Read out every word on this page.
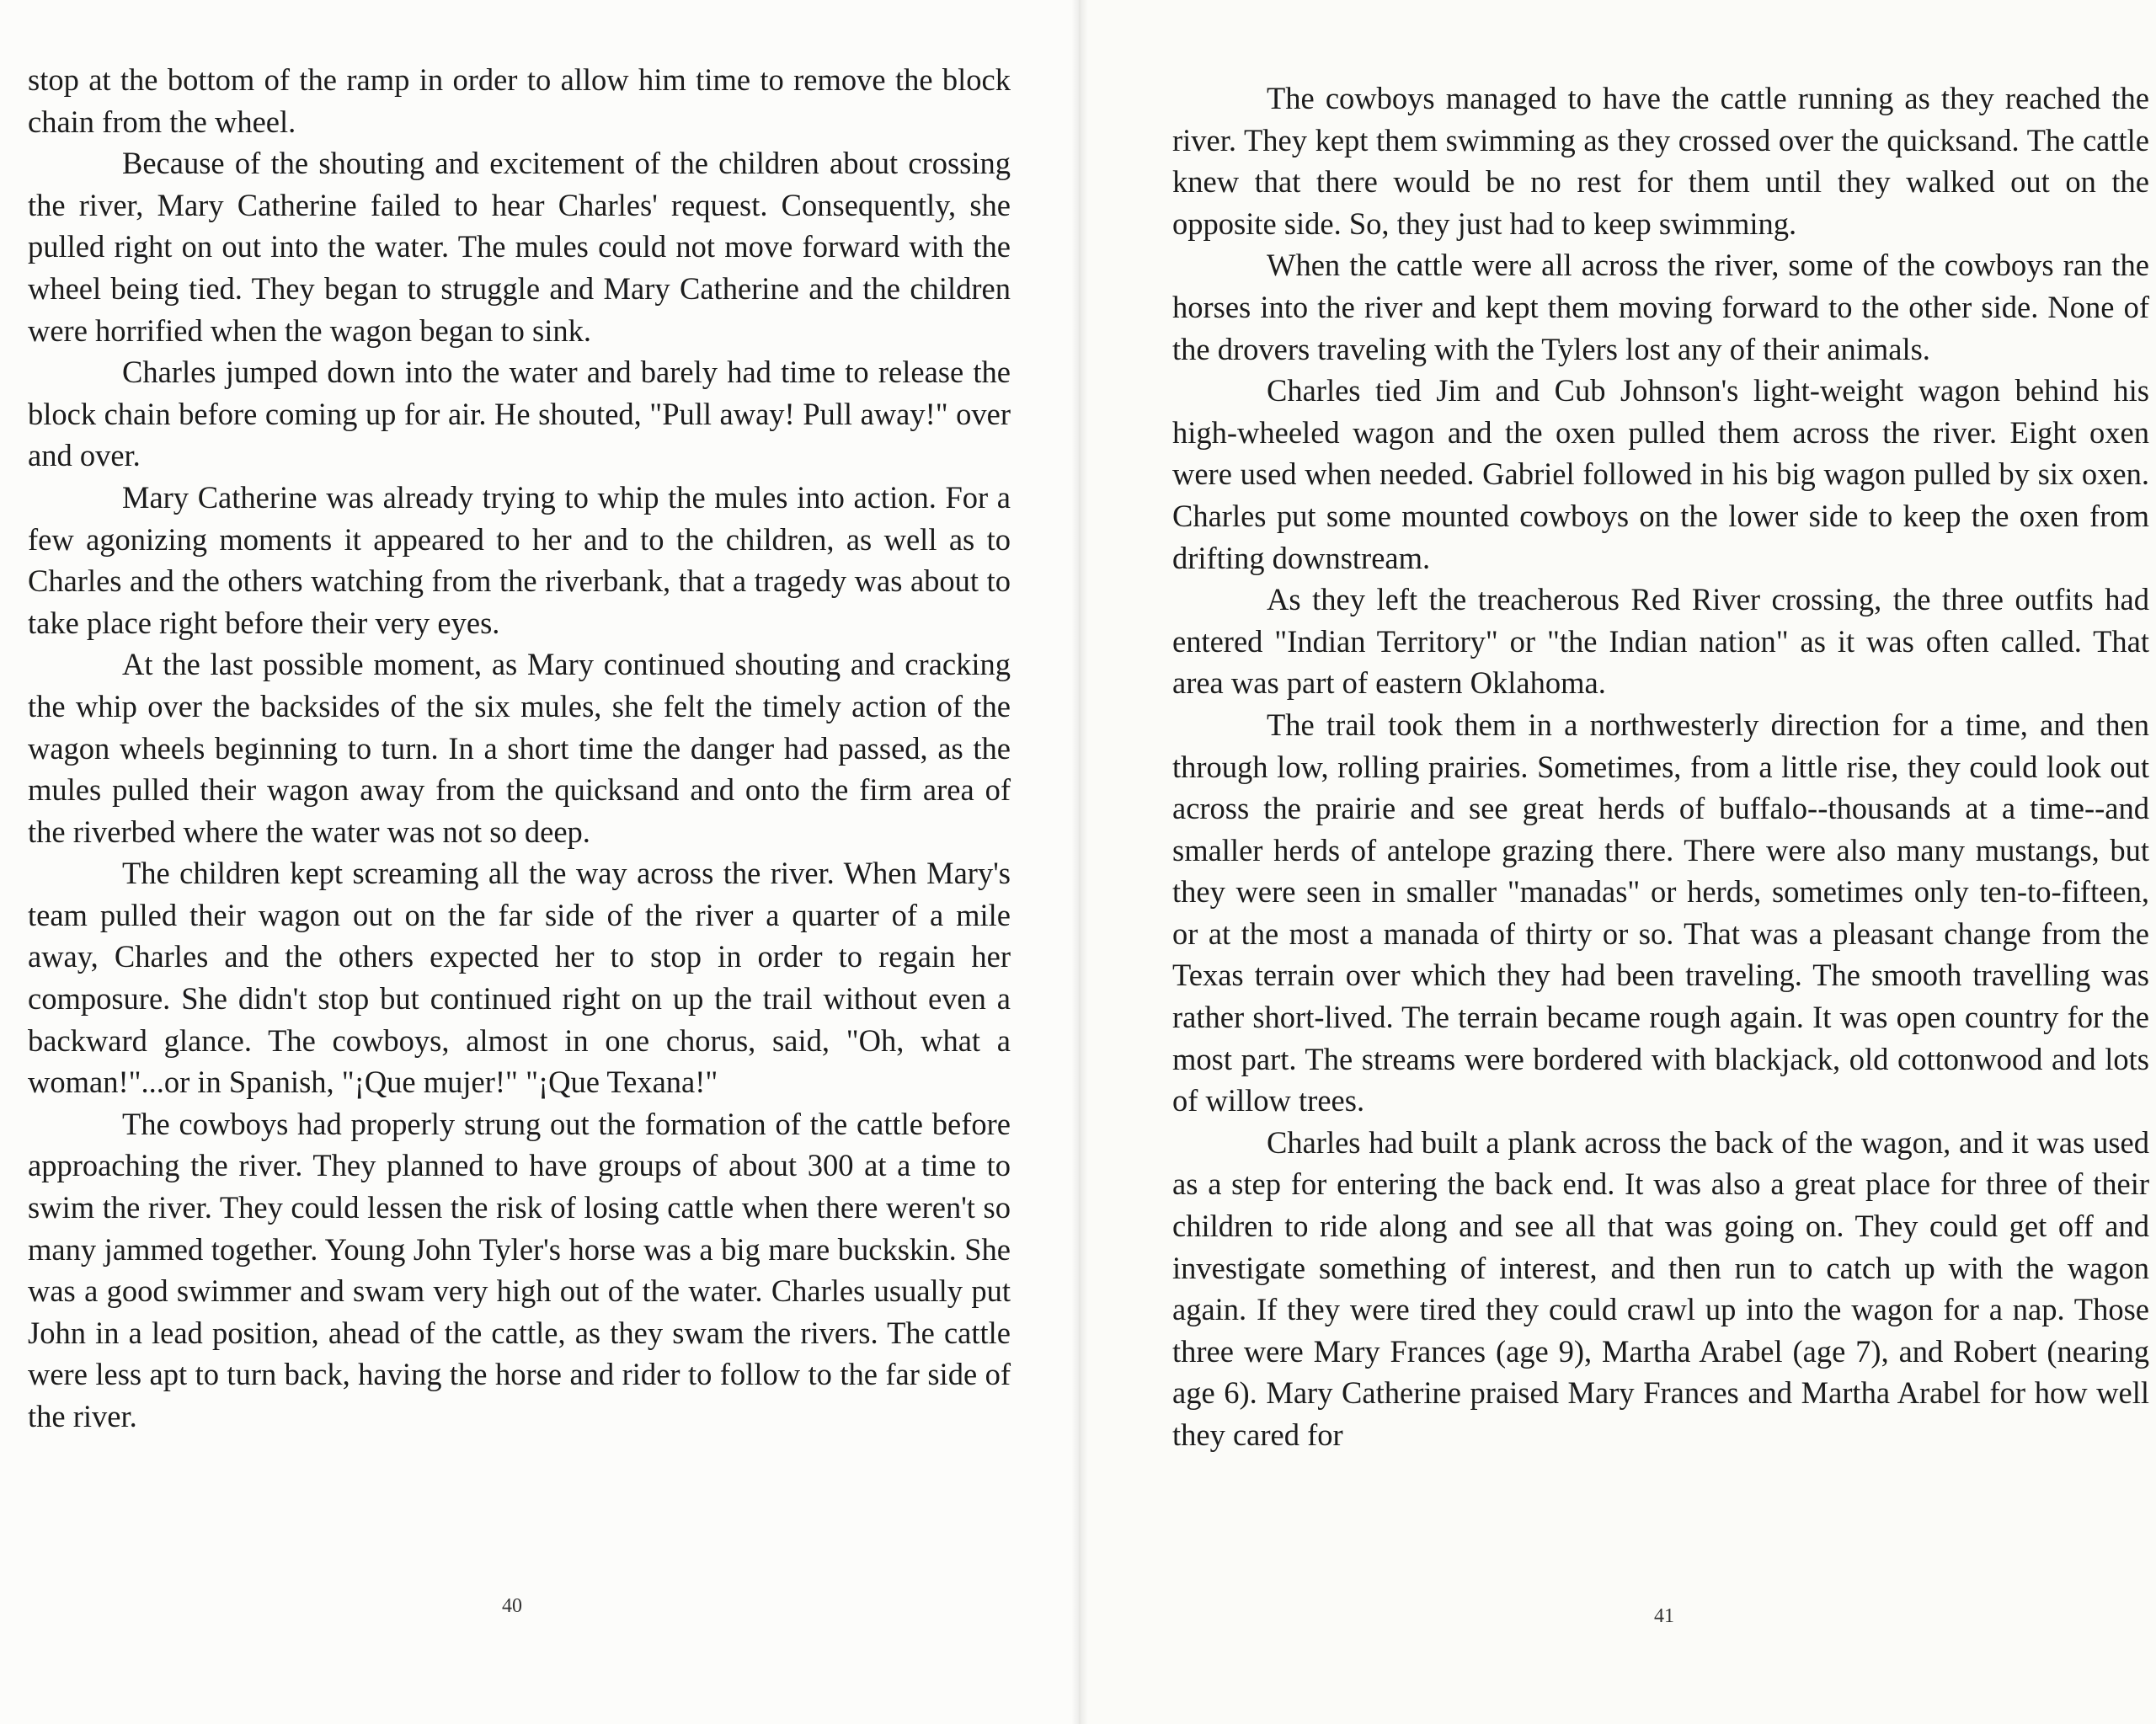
stop at the bottom of the ramp in order to allow him time to remove the block chain from the wheel.

Because of the shouting and excitement of the children about crossing the river, Mary Catherine failed to hear Charles' request. Consequently, she pulled right on out into the water. The mules could not move forward with the wheel being tied. They began to struggle and Mary Catherine and the children were horrified when the wagon began to sink.

Charles jumped down into the water and barely had time to release the block chain before coming up for air. He shouted, "Pull away! Pull away!" over and over.

Mary Catherine was already trying to whip the mules into action. For a few agonizing moments it appeared to her and to the children, as well as to Charles and the others watching from the riverbank, that a tragedy was about to take place right before their very eyes.

At the last possible moment, as Mary continued shouting and cracking the whip over the backsides of the six mules, she felt the timely action of the wagon wheels beginning to turn. In a short time the danger had passed, as the mules pulled their wagon away from the quicksand and onto the firm area of the riverbed where the water was not so deep.

The children kept screaming all the way across the river. When Mary's team pulled their wagon out on the far side of the river a quarter of a mile away, Charles and the others expected her to stop in order to regain her composure. She didn't stop but continued right on up the trail without even a backward glance. The cowboys, almost in one chorus, said, "Oh, what a woman!"...or in Spanish, "¡Que mujer!" "¡Que Texana!"

The cowboys had properly strung out the formation of the cattle before approaching the river. They planned to have groups of about 300 at a time to swim the river. They could lessen the risk of losing cattle when there weren't so many jammed together. Young John Tyler's horse was a big mare buckskin. She was a good swimmer and swam very high out of the water. Charles usually put John in a lead position, ahead of the cattle, as they swam the rivers. The cattle were less apt to turn back, having the horse and rider to follow to the far side of the river.

40

The cowboys managed to have the cattle running as they reached the river. They kept them swimming as they crossed over the quicksand. The cattle knew that there would be no rest for them until they walked out on the opposite side. So, they just had to keep swimming.

When the cattle were all across the river, some of the cowboys ran the horses into the river and kept them moving forward to the other side. None of the drovers traveling with the Tylers lost any of their animals.

Charles tied Jim and Cub Johnson's light-weight wagon behind his high-wheeled wagon and the oxen pulled them across the river. Eight oxen were used when needed. Gabriel followed in his big wagon pulled by six oxen. Charles put some mounted cowboys on the lower side to keep the oxen from drifting downstream.

As they left the treacherous Red River crossing, the three outfits had entered "Indian Territory" or "the Indian nation" as it was often called. That area was part of eastern Oklahoma.

The trail took them in a northwesterly direction for a time, and then through low, rolling prairies. Sometimes, from a little rise, they could look out across the prairie and see great herds of buffalo--thousands at a time--and smaller herds of antelope grazing there. There were also many mustangs, but they were seen in smaller "manadas" or herds, sometimes only ten-to-fifteen, or at the most a manada of thirty or so. That was a pleasant change from the Texas terrain over which they had been traveling. The smooth travelling was rather short-lived. The terrain became rough again. It was open country for the most part. The streams were bordered with blackjack, old cottonwood and lots of willow trees.

Charles had built a plank across the back of the wagon, and it was used as a step for entering the back end. It was also a great place for three of their children to ride along and see all that was going on. They could get off and investigate something of interest, and then run to catch up with the wagon again. If they were tired they could crawl up into the wagon for a nap. Those three were Mary Frances (age 9), Martha Arabel (age 7), and Robert (nearing age 6). Mary Catherine praised Mary Frances and Martha Arabel for how well they cared for

41
